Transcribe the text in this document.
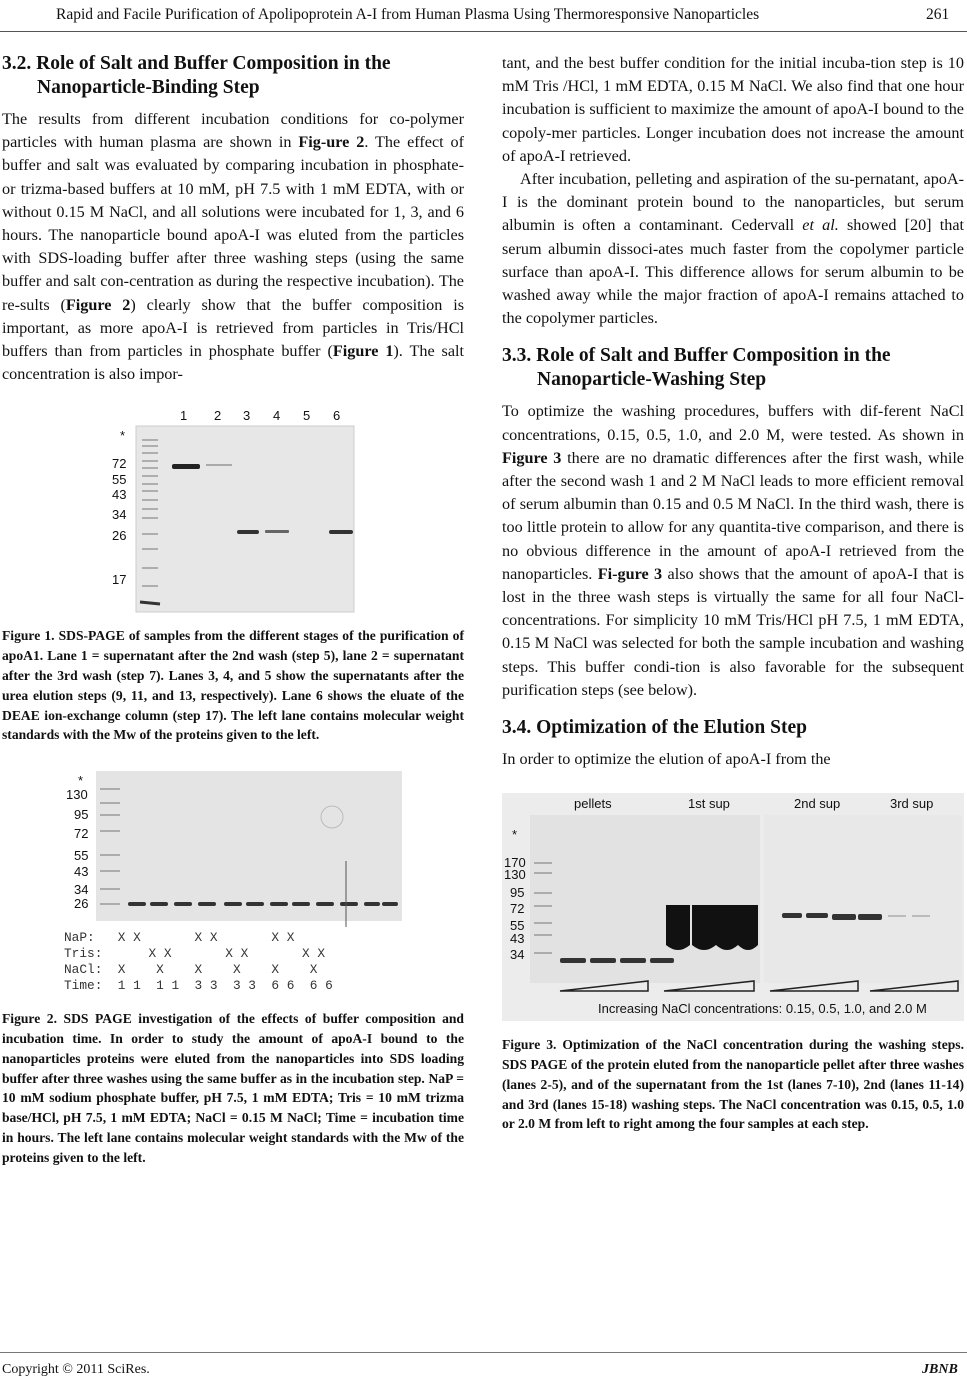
Rapid and Facile Purification of Apolipoprotein A-I from Human Plasma Using Thermoresponsive Nanoparticles	261
3.2. Role of Salt and Buffer Composition in the Nanoparticle-Binding Step

The results from different incubation conditions for co-polymer particles with human plasma are shown in Fig-ure 2. The effect of buffer and salt was evaluated by comparing incubation in phosphate- or trizma-based buffers at 10 mM, pH 7.5 with 1 mM EDTA, with or without 0.15 M NaCl, and all solutions were incubated for 1, 3, and 6 hours. The nanoparticle bound apoA-I was eluted from the particles with SDS-loading buffer after three washing steps (using the same buffer and salt con-centration as during the respective incubation). The re-sults (Figure 2) clearly show that the buffer composition is important, as more apoA-I is retrieved from particles in Tris/HCl buffers than from particles in phosphate buffer (Figure 1). The salt concentration is also impor-

1 2 3 4 5 6
*
72
55
43
34
26
17

Figure 1. SDS-PAGE of samples from the different stages of the purification of apoA1. Lane 1 = supernatant after the 2nd wash (step 5), lane 2 = supernatant after the 3rd wash (step 7). Lanes 3, 4, and 5 show the supernatants after the urea elution steps (9, 11, and 13, respectively). Lane 6 shows the eluate of the DEAE ion-exchange column (step 17). The left lane contains molecular weight standards with the Mw of the proteins given to the left.

*
130
95
72
55
43
34
26
NaP:   X X       X X       X X
Tris:      X X       X X       X X
NaCl:  X    X    X    X    X    X
Time:  1 1  1 1  3 3  3 3  6 6  6 6

Figure 2. SDS PAGE investigation of the effects of buffer composition and incubation time. In order to study the amount of apoA-I bound to the nanoparticles proteins were eluted from the nanoparticles into SDS loading buffer after three washes using the same buffer as in the incubation step. NaP = 10 mM sodium phosphate buffer, pH 7.5, 1 mM EDTA; Tris = 10 mM trizma base/HCl, pH 7.5, 1 mM EDTA; NaCl = 0.15 M NaCl; Time = incubation time in hours. The left lane contains molecular weight standards with the Mw of the proteins given to the left.

tant, and the best buffer condition for the initial incuba-tion step is 10 mM Tris /HCl, 1 mM EDTA, 0.15 M NaCl. We also find that one hour incubation is sufficient to maximize the amount of apoA-I bound to the copoly-mer particles. Longer incubation does not increase the amount of apoA-I retrieved.

After incubation, pelleting and aspiration of the su-pernatant, apoA-I is the dominant protein bound to the nanoparticles, but serum albumin is often a contaminant. Cedervall et al. showed [20] that serum albumin dissoci-ates much faster from the copolymer particle surface than apoA-I. This difference allows for serum albumin to be washed away while the major fraction of apoA-I remains attached to the copolymer particles.

3.3. Role of Salt and Buffer Composition in the Nanoparticle-Washing Step

To optimize the washing procedures, buffers with dif-ferent NaCl concentrations, 0.15, 0.5, 1.0, and 2.0 M, were tested. As shown in Figure 3 there are no dramatic differences after the first wash, while after the second wash 1 and 2 M NaCl leads to more efficient removal of serum albumin than 0.15 and 0.5 M NaCl. In the third wash, there is too little protein to allow for any quantita-tive comparison, and there is no obvious difference in the amount of apoA-I retrieved from the nanoparticles. Fi-gure 3 also shows that the amount of apoA-I that is lost in the three wash steps is virtually the same for all four NaCl-concentrations. For simplicity 10 mM Tris/HCl pH 7.5, 1 mM EDTA, 0.15 M NaCl was selected for both the sample incubation and washing steps. This buffer condi-tion is also favorable for the subsequent purification steps (see below).

3.4. Optimization of the Elution Step

In order to optimize the elution of apoA-I from the

pellets	1st sup	2nd sup	3rd sup
*
170
130
95
72
55
43
34
Increasing NaCl concentrations: 0.15, 0.5, 1.0, and 2.0 M

Figure 3. Optimization of the NaCl concentration during the washing steps. SDS PAGE of the protein eluted from the nanoparticle pellet after three washes (lanes 2-5), and of the supernatant from the 1st (lanes 7-10), 2nd (lanes 11-14) and 3rd (lanes 15-18) washing steps. The NaCl concentration was 0.15, 0.5, 1.0 or 2.0 M from left to right among the four samples at each step.

Copyright © 2011 SciRes.	JBNB
